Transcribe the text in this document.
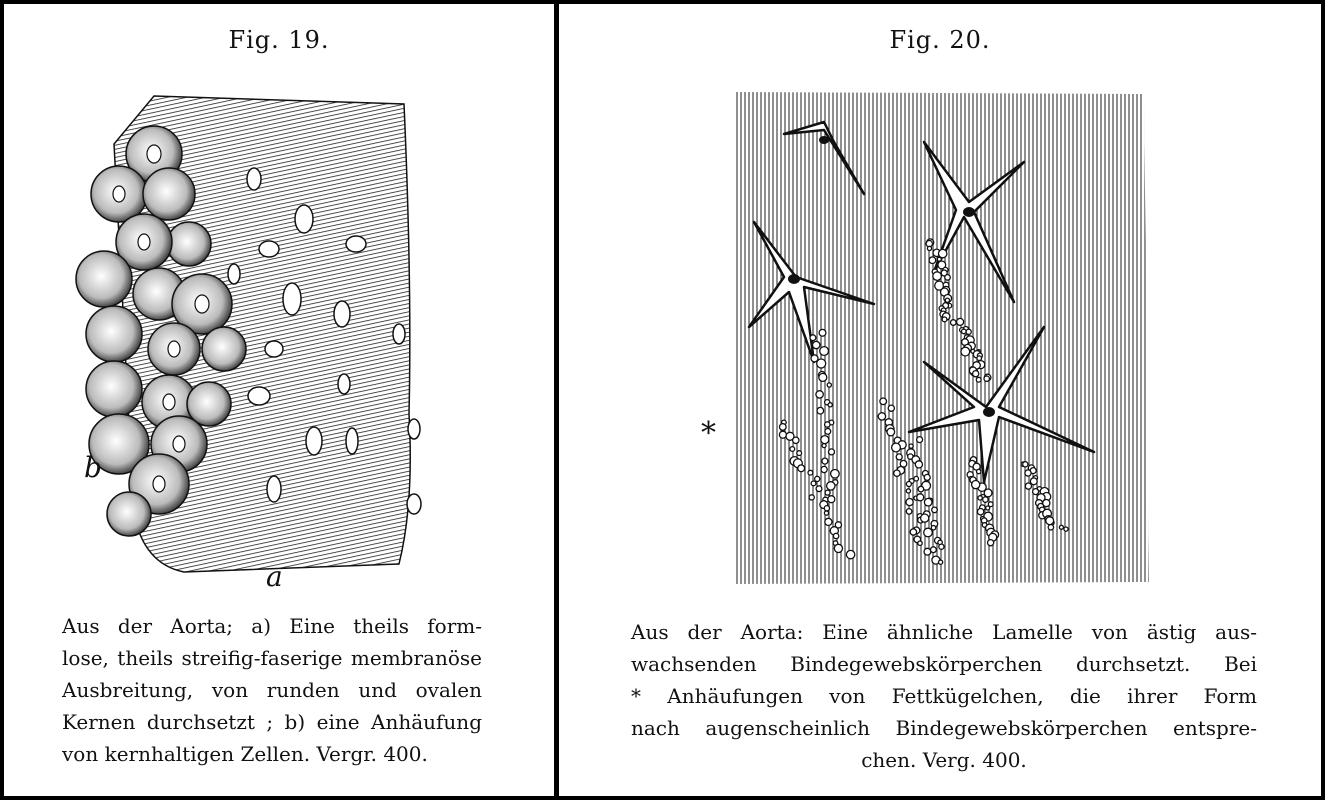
Fig. 19.
b
a
Aus der Aorta; a) Eine theils form-
lose, theils streifig-faserige membranöse
Ausbreitung, von runden und ovalen
Kernen durchsetzt ; b) eine Anhäufung
von kernhaltigen Zellen. Vergr. 400.
Fig. 20.
*
Aus der Aorta: Eine ähnliche Lamelle von ästig aus-
wachsenden Bindegewebskörperchen durchsetzt. Bei
* Anhäufungen von Fettkügelchen, die ihrer Form
nach augenscheinlich Bindegewebskörperchen entspre-
chen. Verg. 400.
